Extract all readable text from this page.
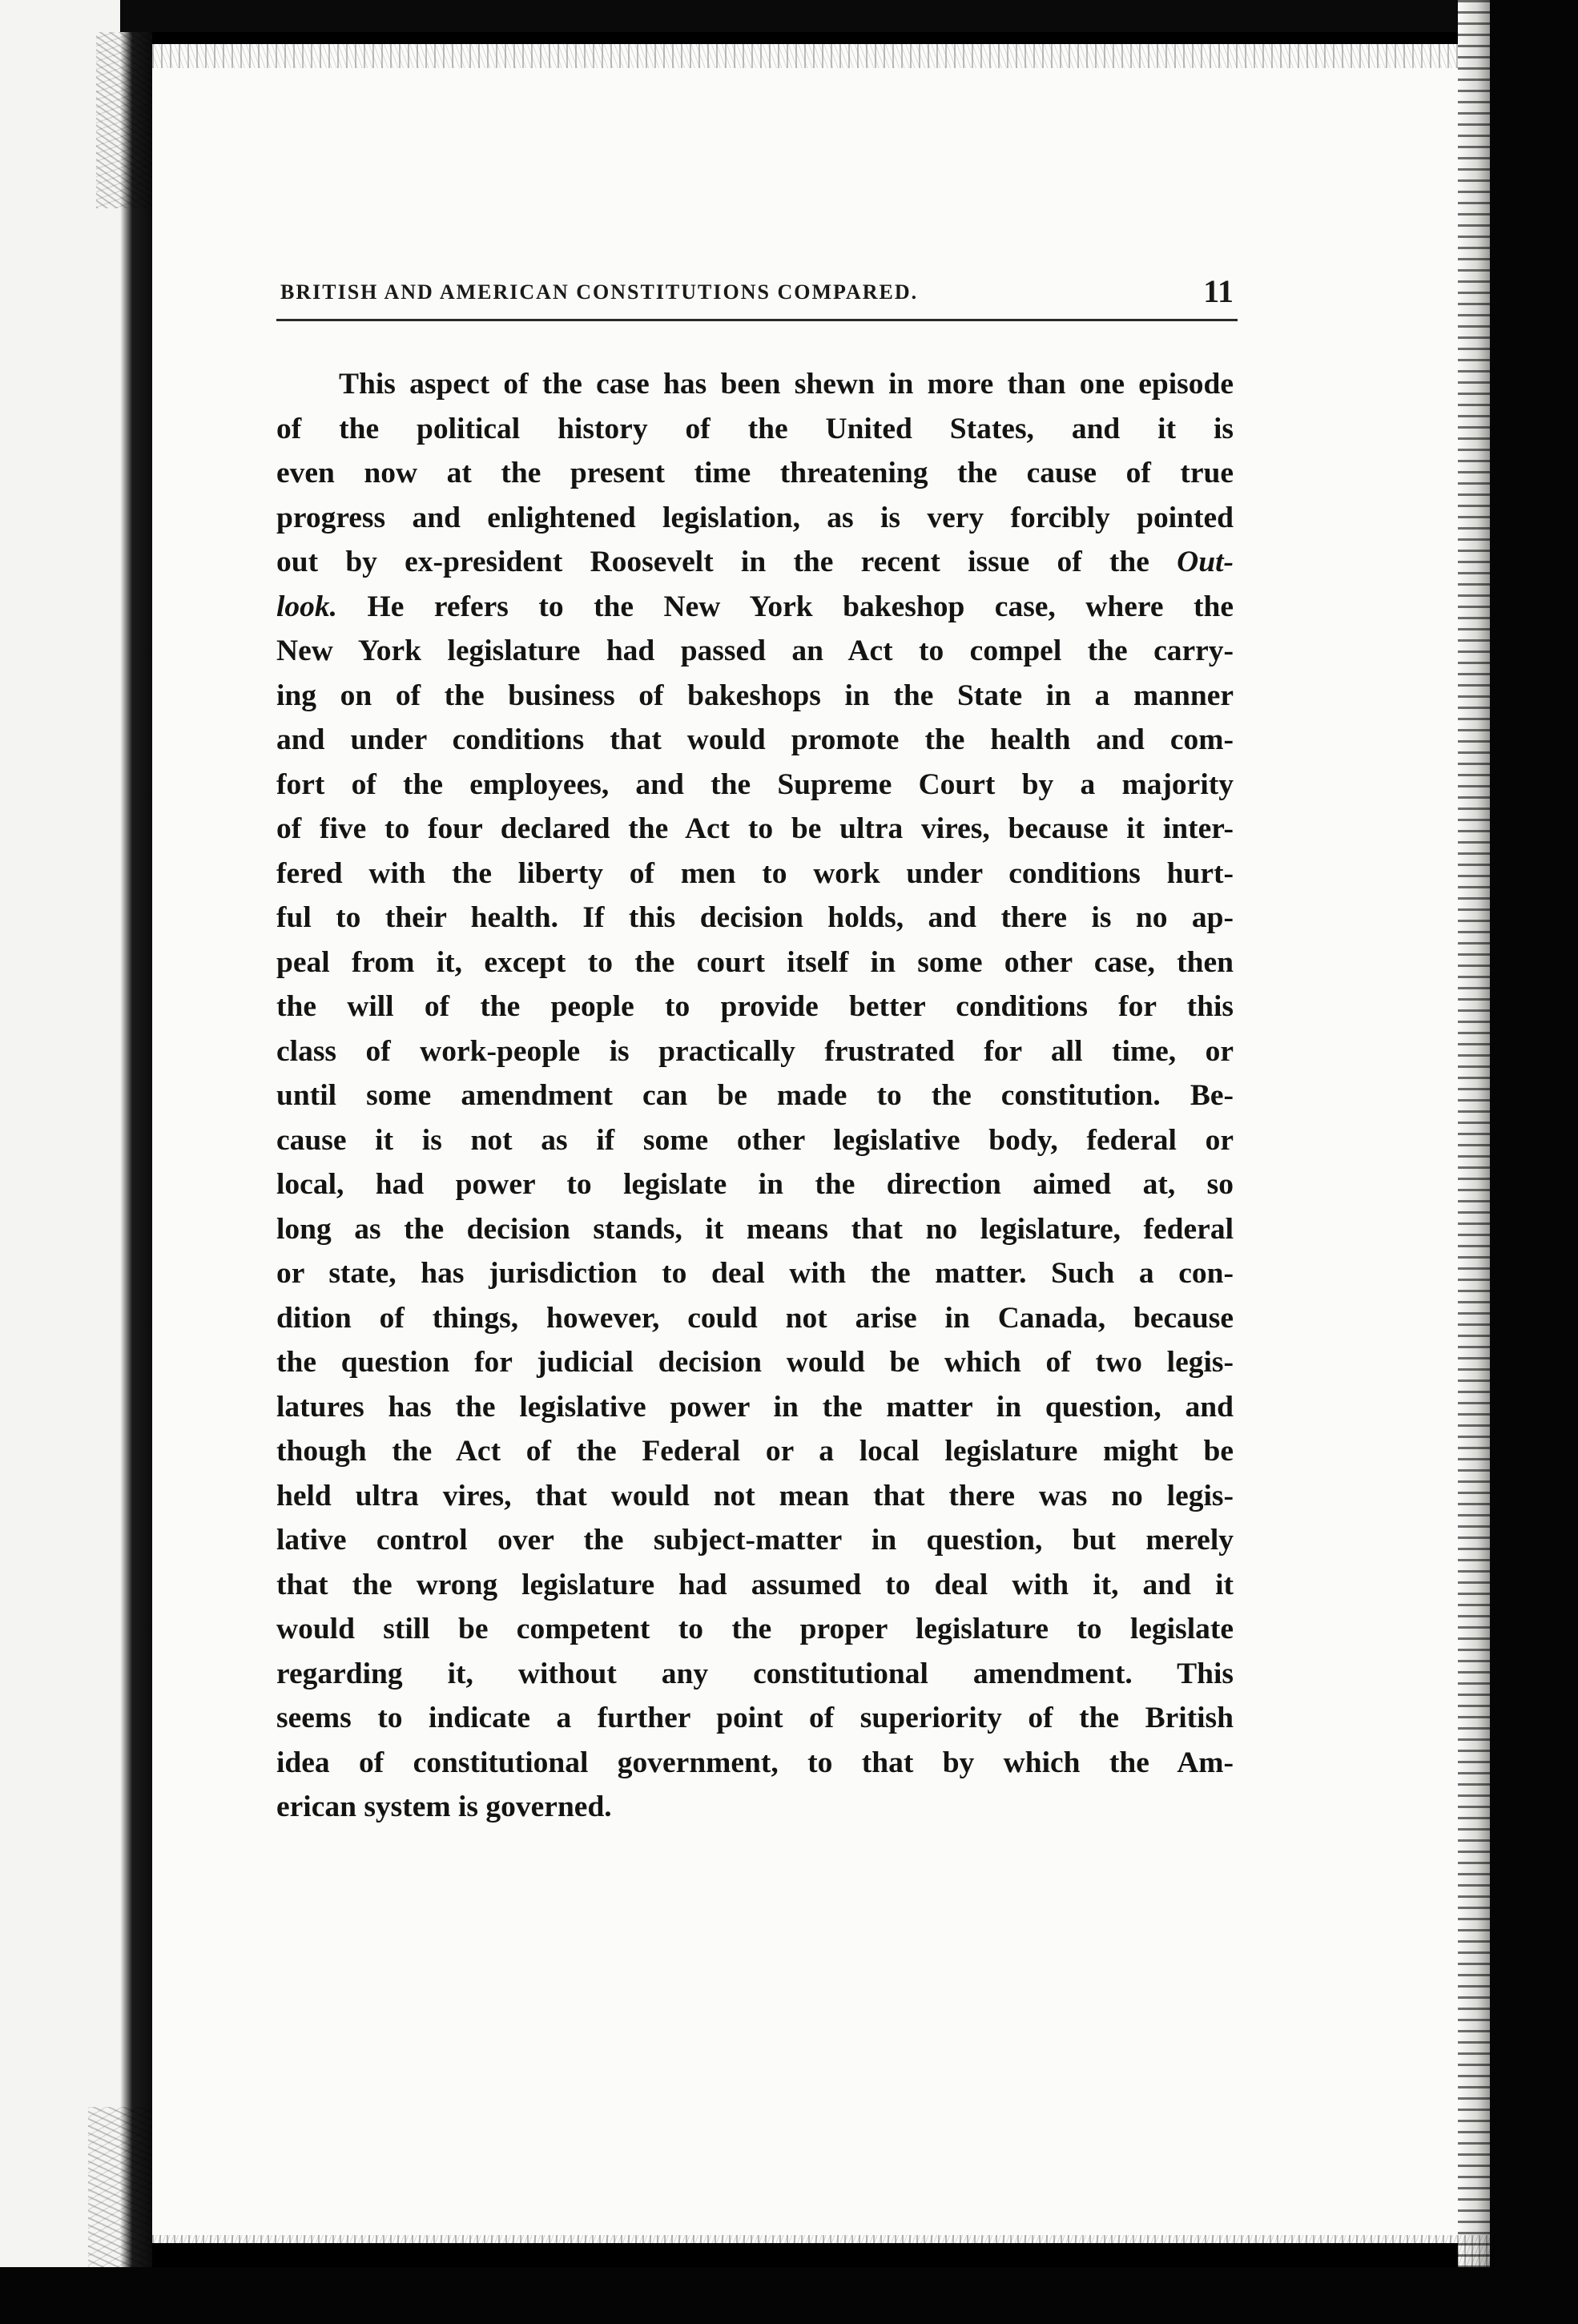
BRITISH AND AMERICAN CONSTITUTIONS COMPARED.	11
This aspect of the case has been shewn in more than one episode
of the political history of the United States, and it is
even now at the present time threatening the cause of true
progress and enlightened legislation, as is very forcibly pointed
out by ex-president Roosevelt in the recent issue of the Out-
look. He refers to the New York bakeshop case, where the
New York legislature had passed an Act to compel the carry-
ing on of the business of bakeshops in the State in a manner
and under conditions that would promote the health and com-
fort of the employees, and the Supreme Court by a majority
of five to four declared the Act to be ultra vires, because it inter-
fered with the liberty of men to work under conditions hurt-
ful to their health. If this decision holds, and there is no ap-
peal from it, except to the court itself in some other case, then
the will of the people to provide better conditions for this
class of work-people is practically frustrated for all time, or
until some amendment can be made to the constitution. Be-
cause it is not as if some other legislative body, federal or
local, had power to legislate in the direction aimed at, so
long as the decision stands, it means that no legislature, federal
or state, has jurisdiction to deal with the matter. Such a con-
dition of things, however, could not arise in Canada, because
the question for judicial decision would be which of two legis-
latures has the legislative power in the matter in question, and
though the Act of the Federal or a local legislature might be
held ultra vires, that would not mean that there was no legis-
lative control over the subject-matter in question, but merely
that the wrong legislature had assumed to deal with it, and it
would still be competent to the proper legislature to legislate
regarding it, without any constitutional amendment. This
seems to indicate a further point of superiority of the British
idea of constitutional government, to that by which the Am-
erican system is governed.
